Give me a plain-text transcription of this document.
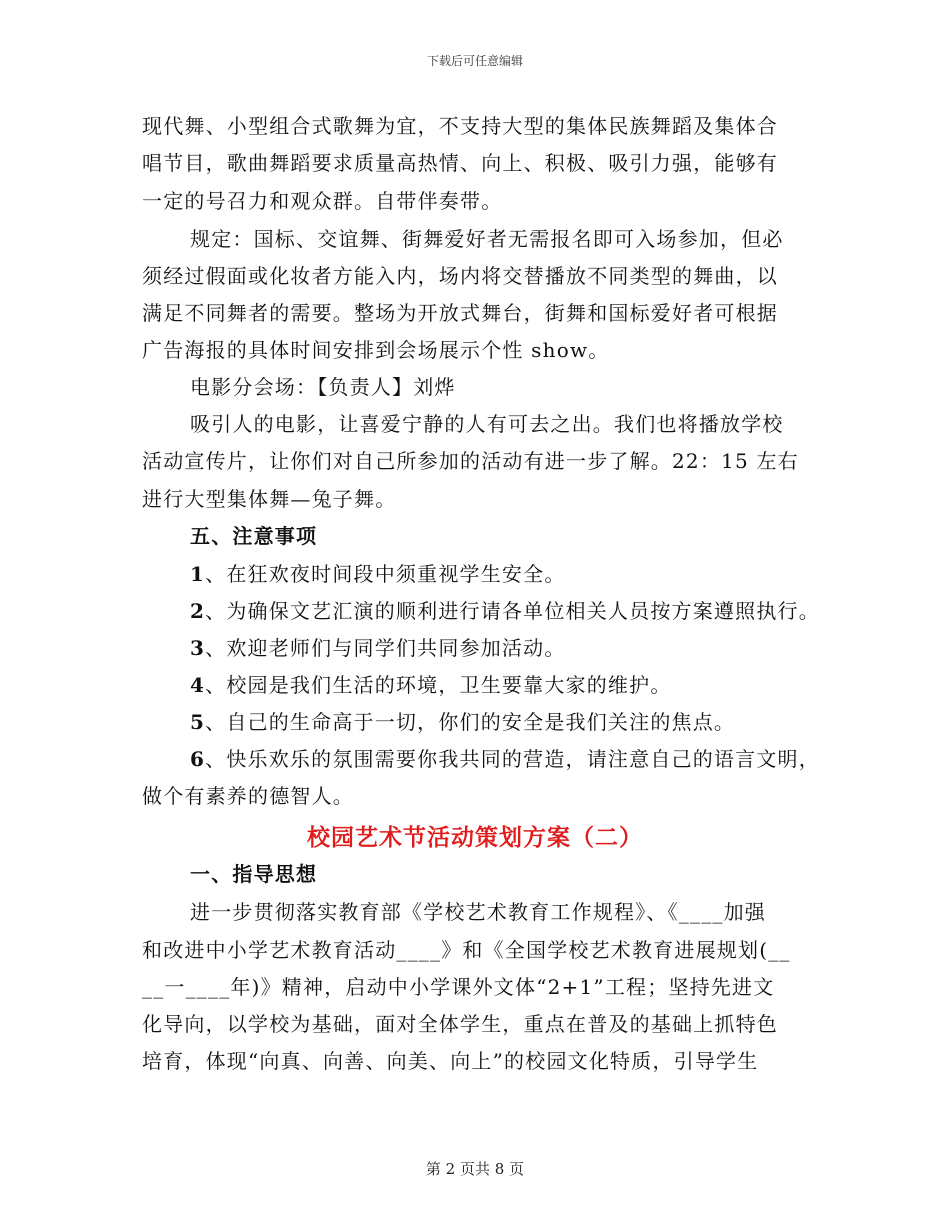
下载后可任意编辑
现代舞、小型组合式歌舞为宜，不支持大型的集体民族舞蹈及集体合
唱节目，歌曲舞蹈要求质量高热情、向上、积极、吸引力强，能够有
一定的号召力和观众群。自带伴奏带。
规定：国标、交谊舞、街舞爱好者无需报名即可入场参加，但必
须经过假面或化妆者方能入内，场内将交替播放不同类型的舞曲，以
满足不同舞者的需要。整场为开放式舞台，街舞和国标爱好者可根据
广告海报的具体时间安排到会场展示个性 show。
电影分会场：【负责人】刘烨
吸引人的电影，让喜爱宁静的人有可去之出。我们也将播放学校
活动宣传片，让你们对自己所参加的活动有进一步了解。22：15 左右
进行大型集体舞—兔子舞。
五、注意事项
1、在狂欢夜时间段中须重视学生安全。
2、为确保文艺汇演的顺利进行请各单位相关人员按方案遵照执行。
3、欢迎老师们与同学们共同参加活动。
4、校园是我们生活的环境，卫生要靠大家的维护。
5、自己的生命高于一切，你们的安全是我们关注的焦点。
6、快乐欢乐的氛围需要你我共同的营造，请注意自己的语言文明，
做个有素养的德智人。
校园艺术节活动策划方案（二）
一、指导思想
进一步贯彻落实教育部《学校艺术教育工作规程》、《____加强
和改进中小学艺术教育活动____》和《全国学校艺术教育进展规划(__
__一____年)》精神，启动中小学课外文体“2+1”工程；坚持先进文
化导向，以学校为基础，面对全体学生，重点在普及的基础上抓特色
培育，体现“向真、向善、向美、向上”的校园文化特质，引导学生
第 2 页共 8 页
